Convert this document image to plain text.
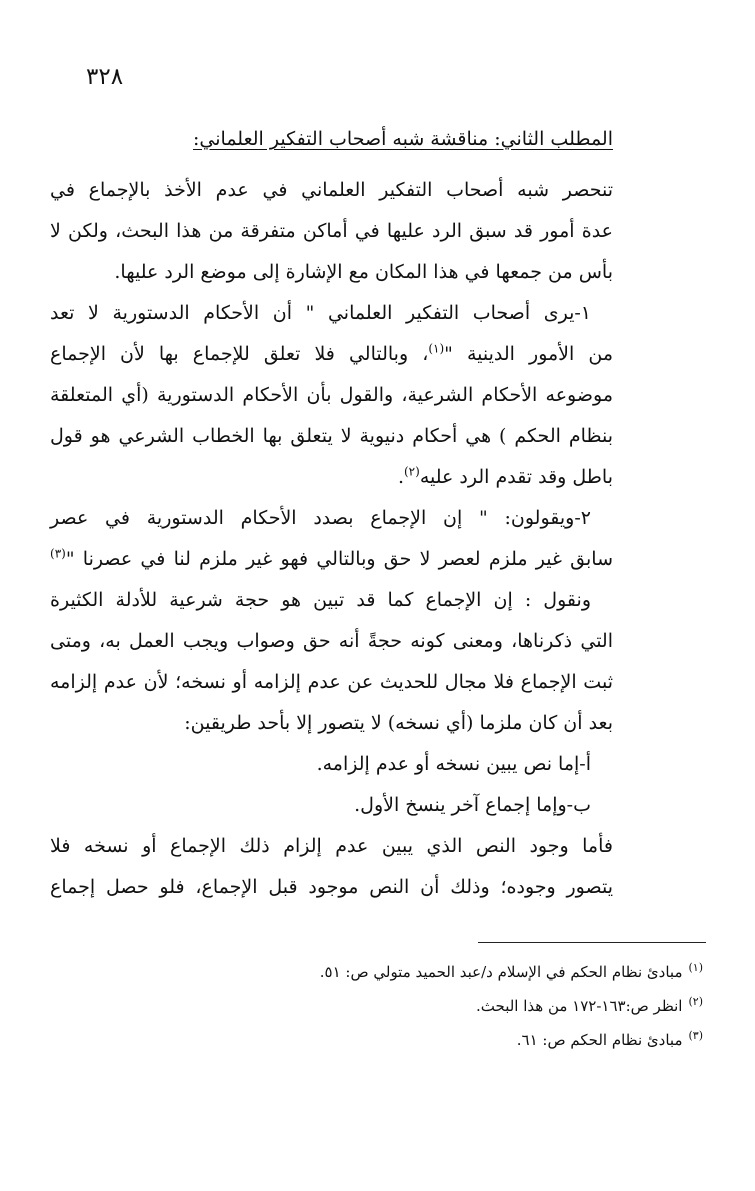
٣٢٨
المطلب الثاني: مناقشة شبه أصحاب التفكير العلماني:
تنحصر شبه أصحاب التفكير العلماني في عدم الأخذ بالإجماع في
عدة أمور قد سبق الرد عليها في أماكن متفرقة من هذا البحث، ولكن لا
بأس من جمعها في هذا المكان مع الإشارة إلى موضع الرد عليها.
١-يرى أصحاب التفكير العلماني " أن الأحكام الدستورية لا تعد
من الأمور الدينية "$^{(١)}$، وبالتالي فلا تعلق للإجماع بها لأن الإجماع
موضوعه الأحكام الشرعية، والقول بأن الأحكام الدستورية (أي المتعلقة
بنظام الحكم ) هي أحكام دنيوية لا يتعلق بها الخطاب الشرعي هو قول
باطل وقد تقدم الرد عليه$^{(٢)}$.
٢-ويقولون: " إن الإجماع بصدد الأحكام الدستورية في عصر
سابق غير ملزم لعصر لا حق وبالتالي فهو غير ملزم لنا في عصرنا "$^{(٣)}$
ونقول : إن الإجماع كما قد تبين هو حجة شرعية للأدلة الكثيرة
التي ذكرناها، ومعنى كونه حجةً أنه حق وصواب ويجب العمل به، ومتى
ثبت الإجماع فلا مجال للحديث عن عدم إلزامه أو نسخه؛ لأن عدم إلزامه
بعد أن كان ملزما (أي نسخه) لا يتصور إلا بأحد طريقين:
أ-إما نص يبين نسخه أو عدم إلزامه.
ب-وإما إجماع آخر ينسخ الأول.
فأما وجود النص الذي يبين عدم إلزام ذلك الإجماع أو نسخه فلا
يتصور وجوده؛ وذلك أن النص موجود قبل الإجماع، فلو حصل إجماع
$^{(١)}$مبادئ نظام الحكم في الإسلام د/عبد الحميد متولي ص: ٥١.
$^{(٢)}$انظر ص:١٦٣-١٧٢ من هذا البحث.
$^{(٣)}$مبادئ نظام الحكم ص: ٦١.
